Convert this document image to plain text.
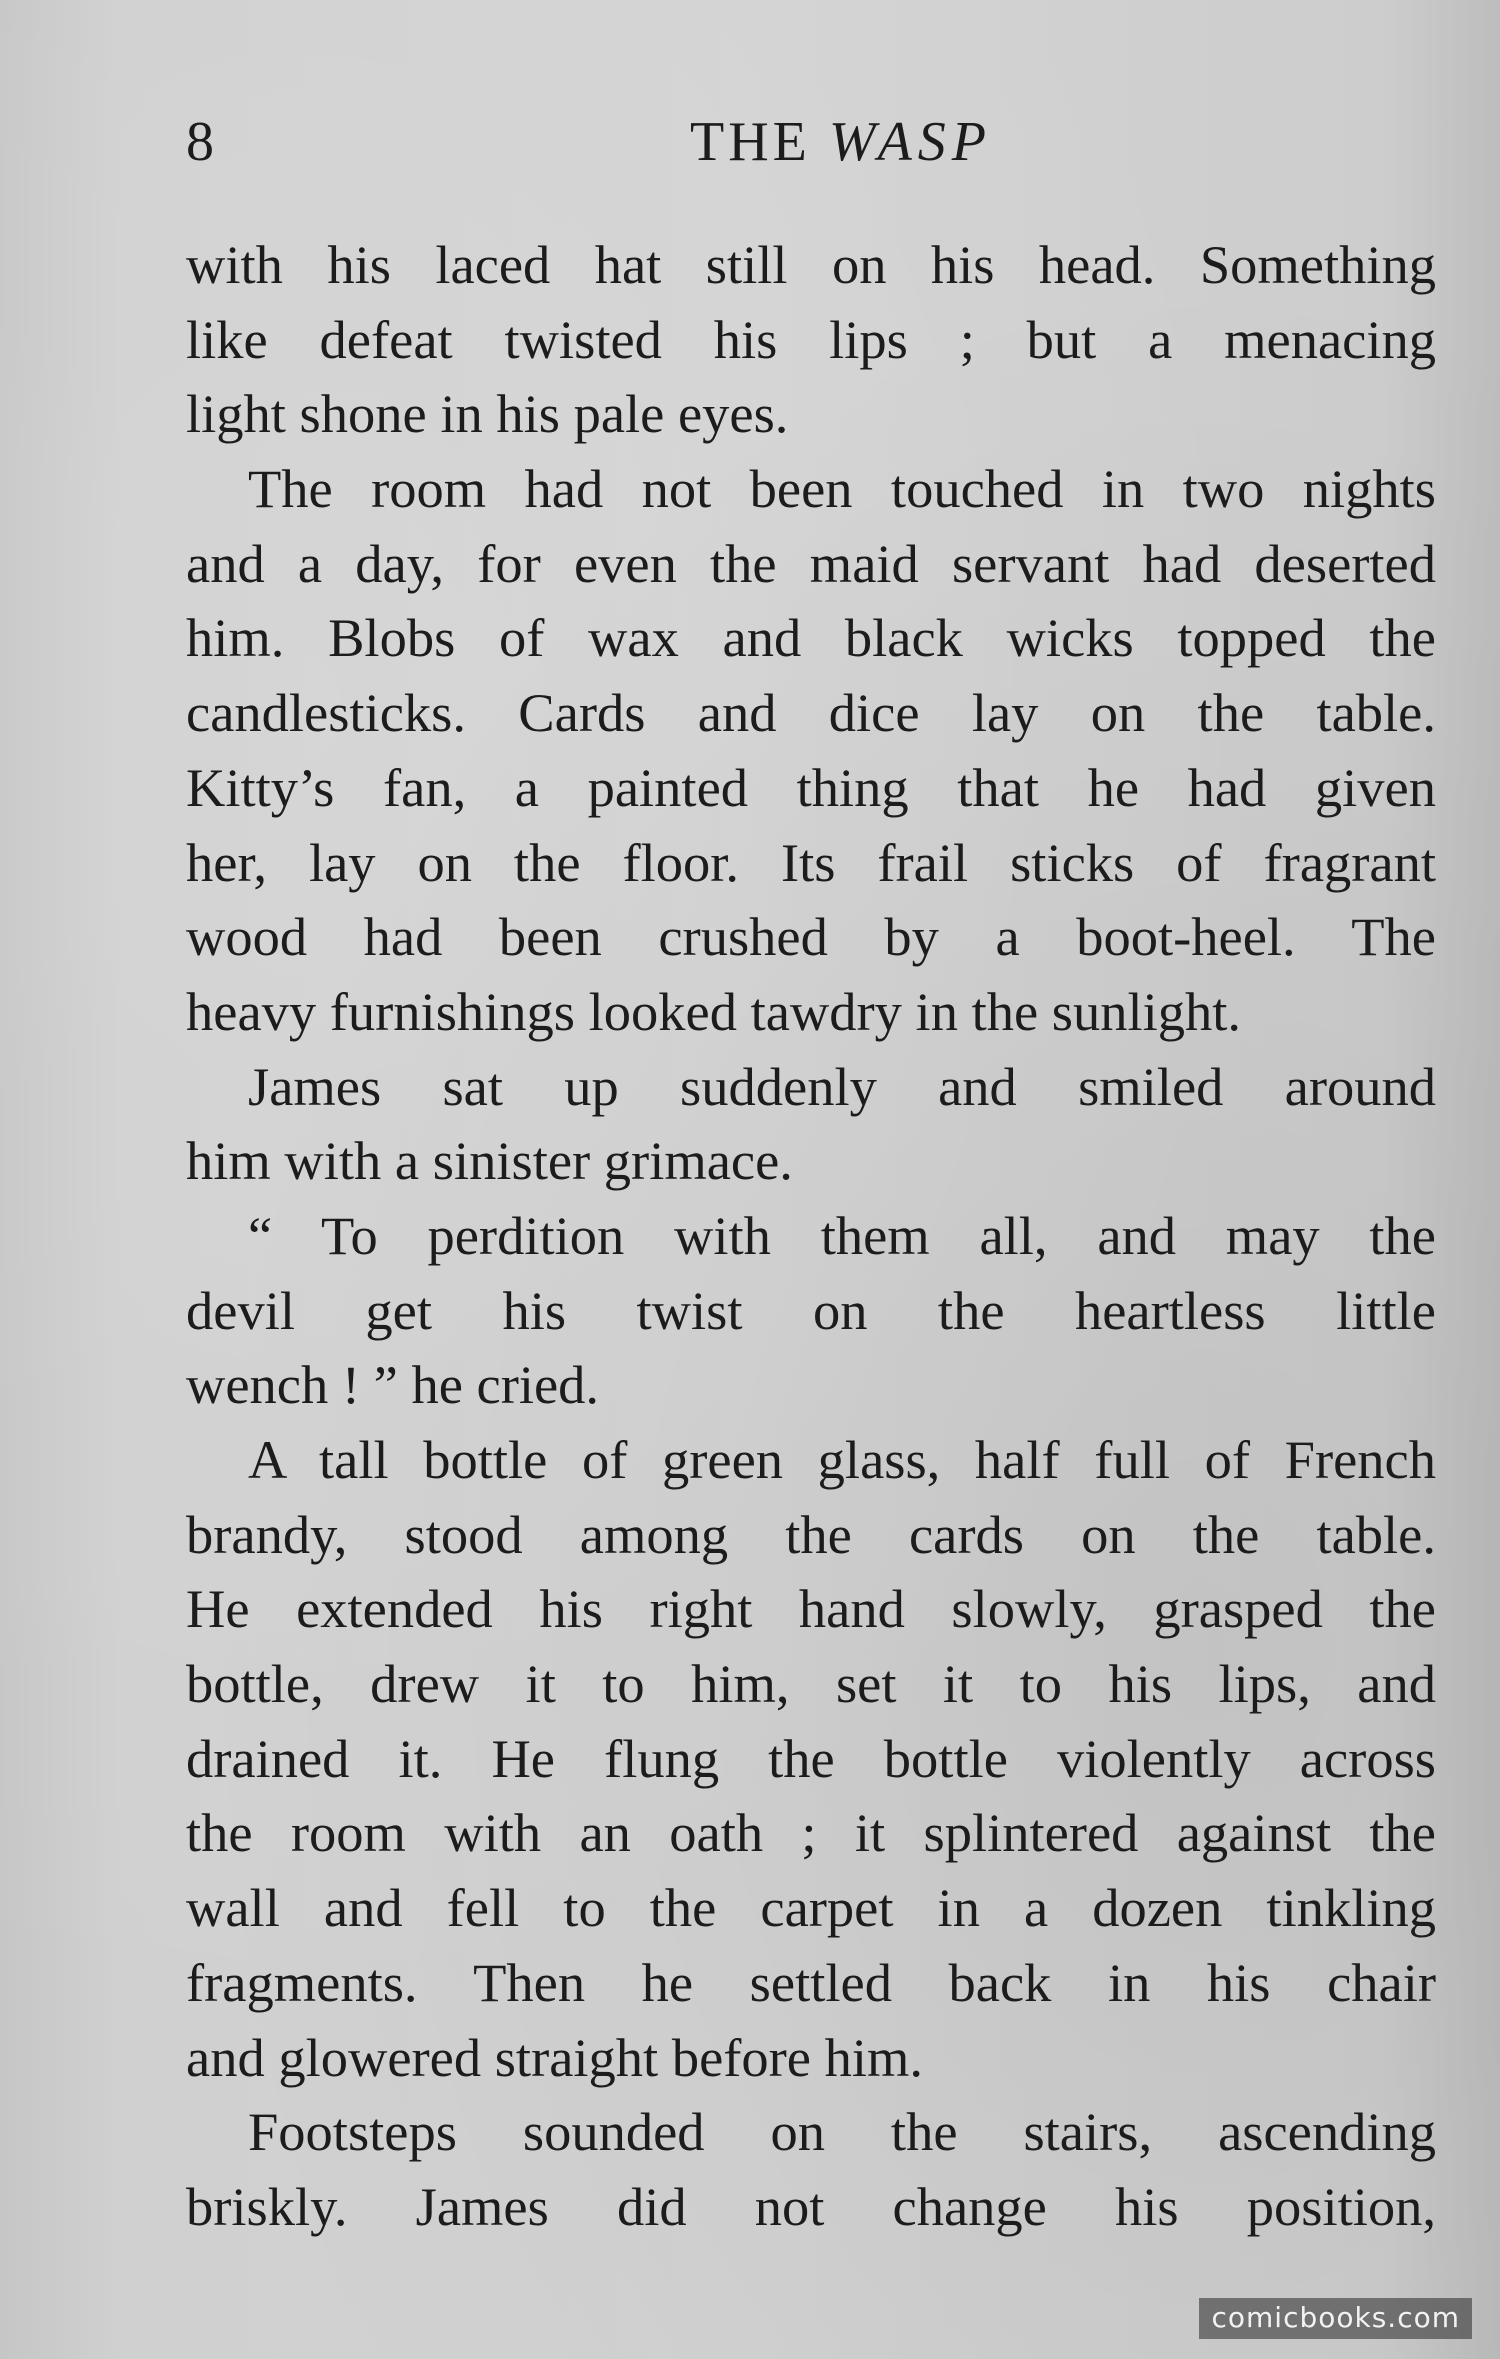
8	THE WASP
with his laced hat still on his head. Something
like defeat twisted his lips ; but a menacing
light shone in his pale eyes.
The room had not been touched in two nights
and a day, for even the maid servant had deserted
him. Blobs of wax and black wicks topped the
candlesticks. Cards and dice lay on the table.
Kitty’s fan, a painted thing that he had given
her, lay on the floor. Its frail sticks of fragrant
wood had been crushed by a boot-heel. The
heavy furnishings looked tawdry in the sunlight.
James sat up suddenly and smiled around
him with a sinister grimace.
“ To perdition with them all, and may the
devil get his twist on the heartless little
wench ! ” he cried.
A tall bottle of green glass, half full of French
brandy, stood among the cards on the table.
He extended his right hand slowly, grasped the
bottle, drew it to him, set it to his lips, and
drained it. He flung the bottle violently across
the room with an oath ; it splintered against the
wall and fell to the carpet in a dozen tinkling
fragments. Then he settled back in his chair
and glowered straight before him.
Footsteps sounded on the stairs, ascending
briskly. James did not change his position,
comicbooks.com
